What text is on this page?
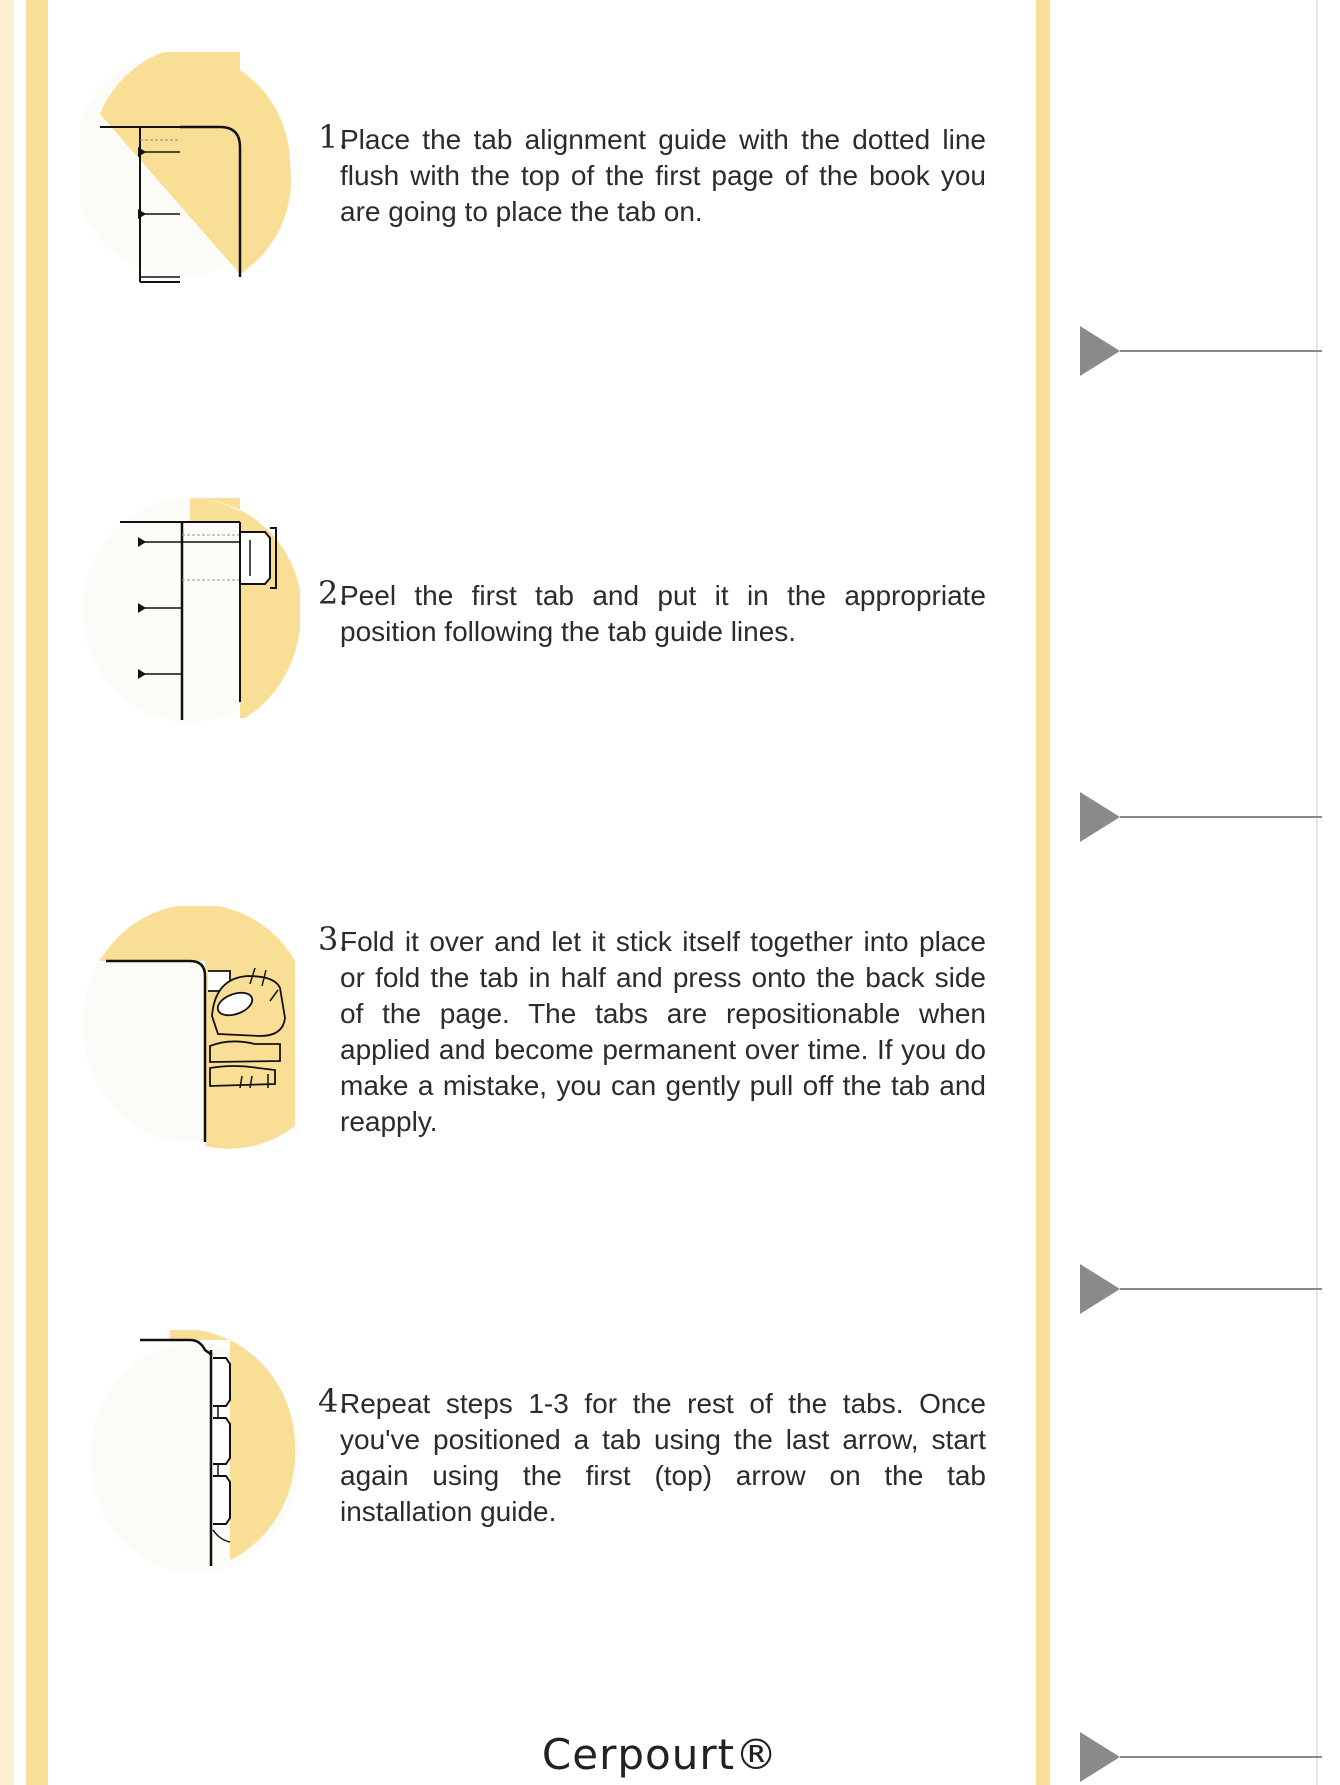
1.
Place the tab alignment guide with the dotted line flush with the top of the first page of the book you are going to place the tab on.
2.
Peel the first tab and put it in the appropriate position following the tab guide lines.
3.
Fold it over and let it stick itself together into place or fold the tab in half and press onto the back side of the page. The tabs are repositionable when applied and become permanent over time. If you do make a mistake, you can gently pull off the tab and reapply.
4.
Repeat steps 1-3 for the rest of the tabs. Once you've positioned a tab using the last arrow, start again using the first (top) arrow on the tab installation guide.
Cerpourt®
